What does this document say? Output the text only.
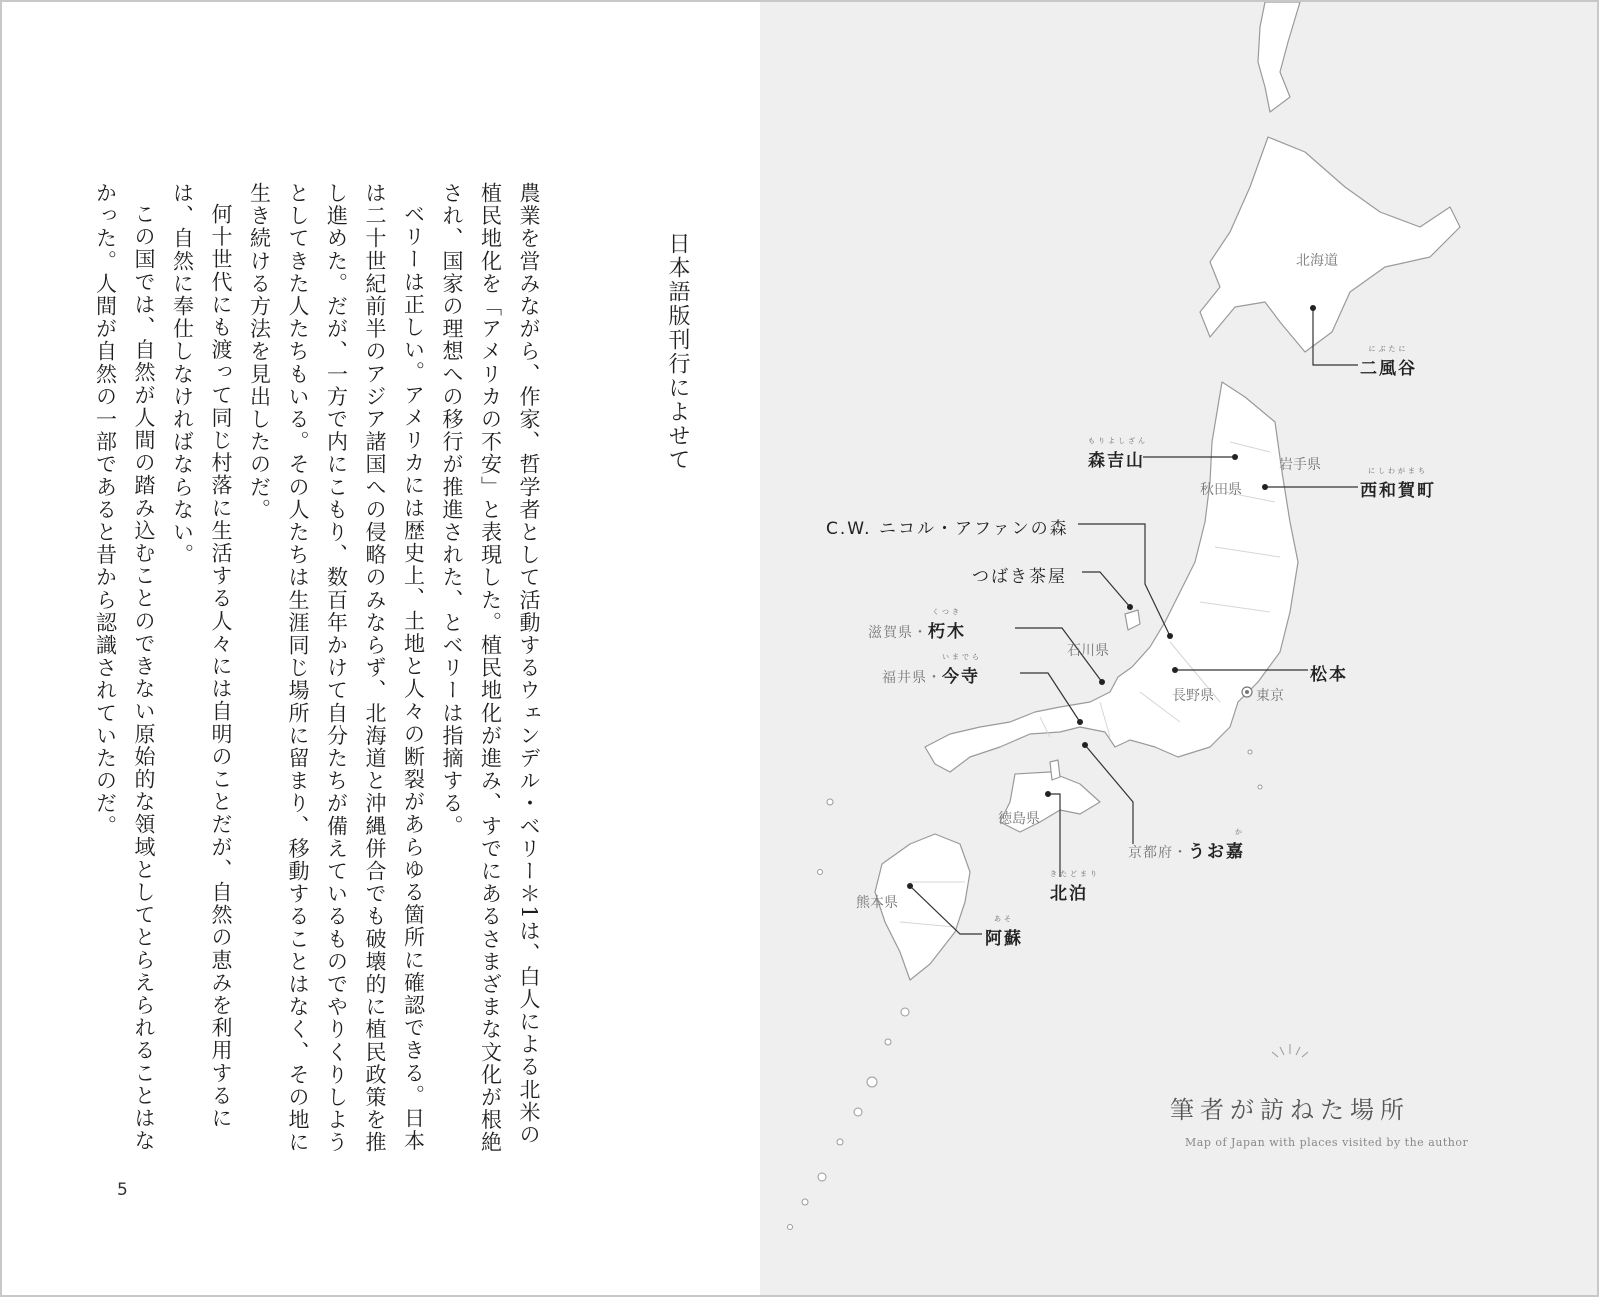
日本語版刊行によせて

農業を営みながら、作家、哲学者として活動するウェンデル・ベリー＊1は、白人による北米の植民地化を「アメリカの不安」と表現した。植民地化が進み、すでにあるさまざまな文化が根絶され、国家の理想への移行が推進された、とベリーは指摘する。

ベリーは正しい。アメリカには歴史上、土地と人々の断裂があらゆる箇所に確認できる。日本は二十世紀前半のアジア諸国への侵略のみならず、北海道と沖縄併合でも破壊的に植民政策を推し進めた。だが、一方で内にこもり、数百年かけて自分たちが備えているものでやりくりしようとしてきた人たちもいる。その人たちは生涯同じ場所に留まり、移動することはなく、その地に生き続ける方法を見出したのだ。

何十世代にも渡って同じ村落に生活する人々には自明のことだが、自然の恵みを利用するには、自然に奉仕しなければならない。

この国では、自然が人間の踏み込むことのできない原始的な領域としてとらえられることはなかった。人間が自然の一部であると昔から認識されていたのだ。

5
北海道
秋田県
岩手県
石川県
長野県	東京
徳島県
熊本県
にぶたに
二風谷
もりよしざん
森吉山	にしわがまち
西和賀町
C.W. ニコル・アファンの森
つばき茶屋
滋賀県・
くつき
朽木
松本
福井県・
いまでら
今寺
京都府・
か
うお嘉
きたどまり
北泊
あそ
阿蘇
筆者が訪ねた場所
Map of Japan with places visited by the author
